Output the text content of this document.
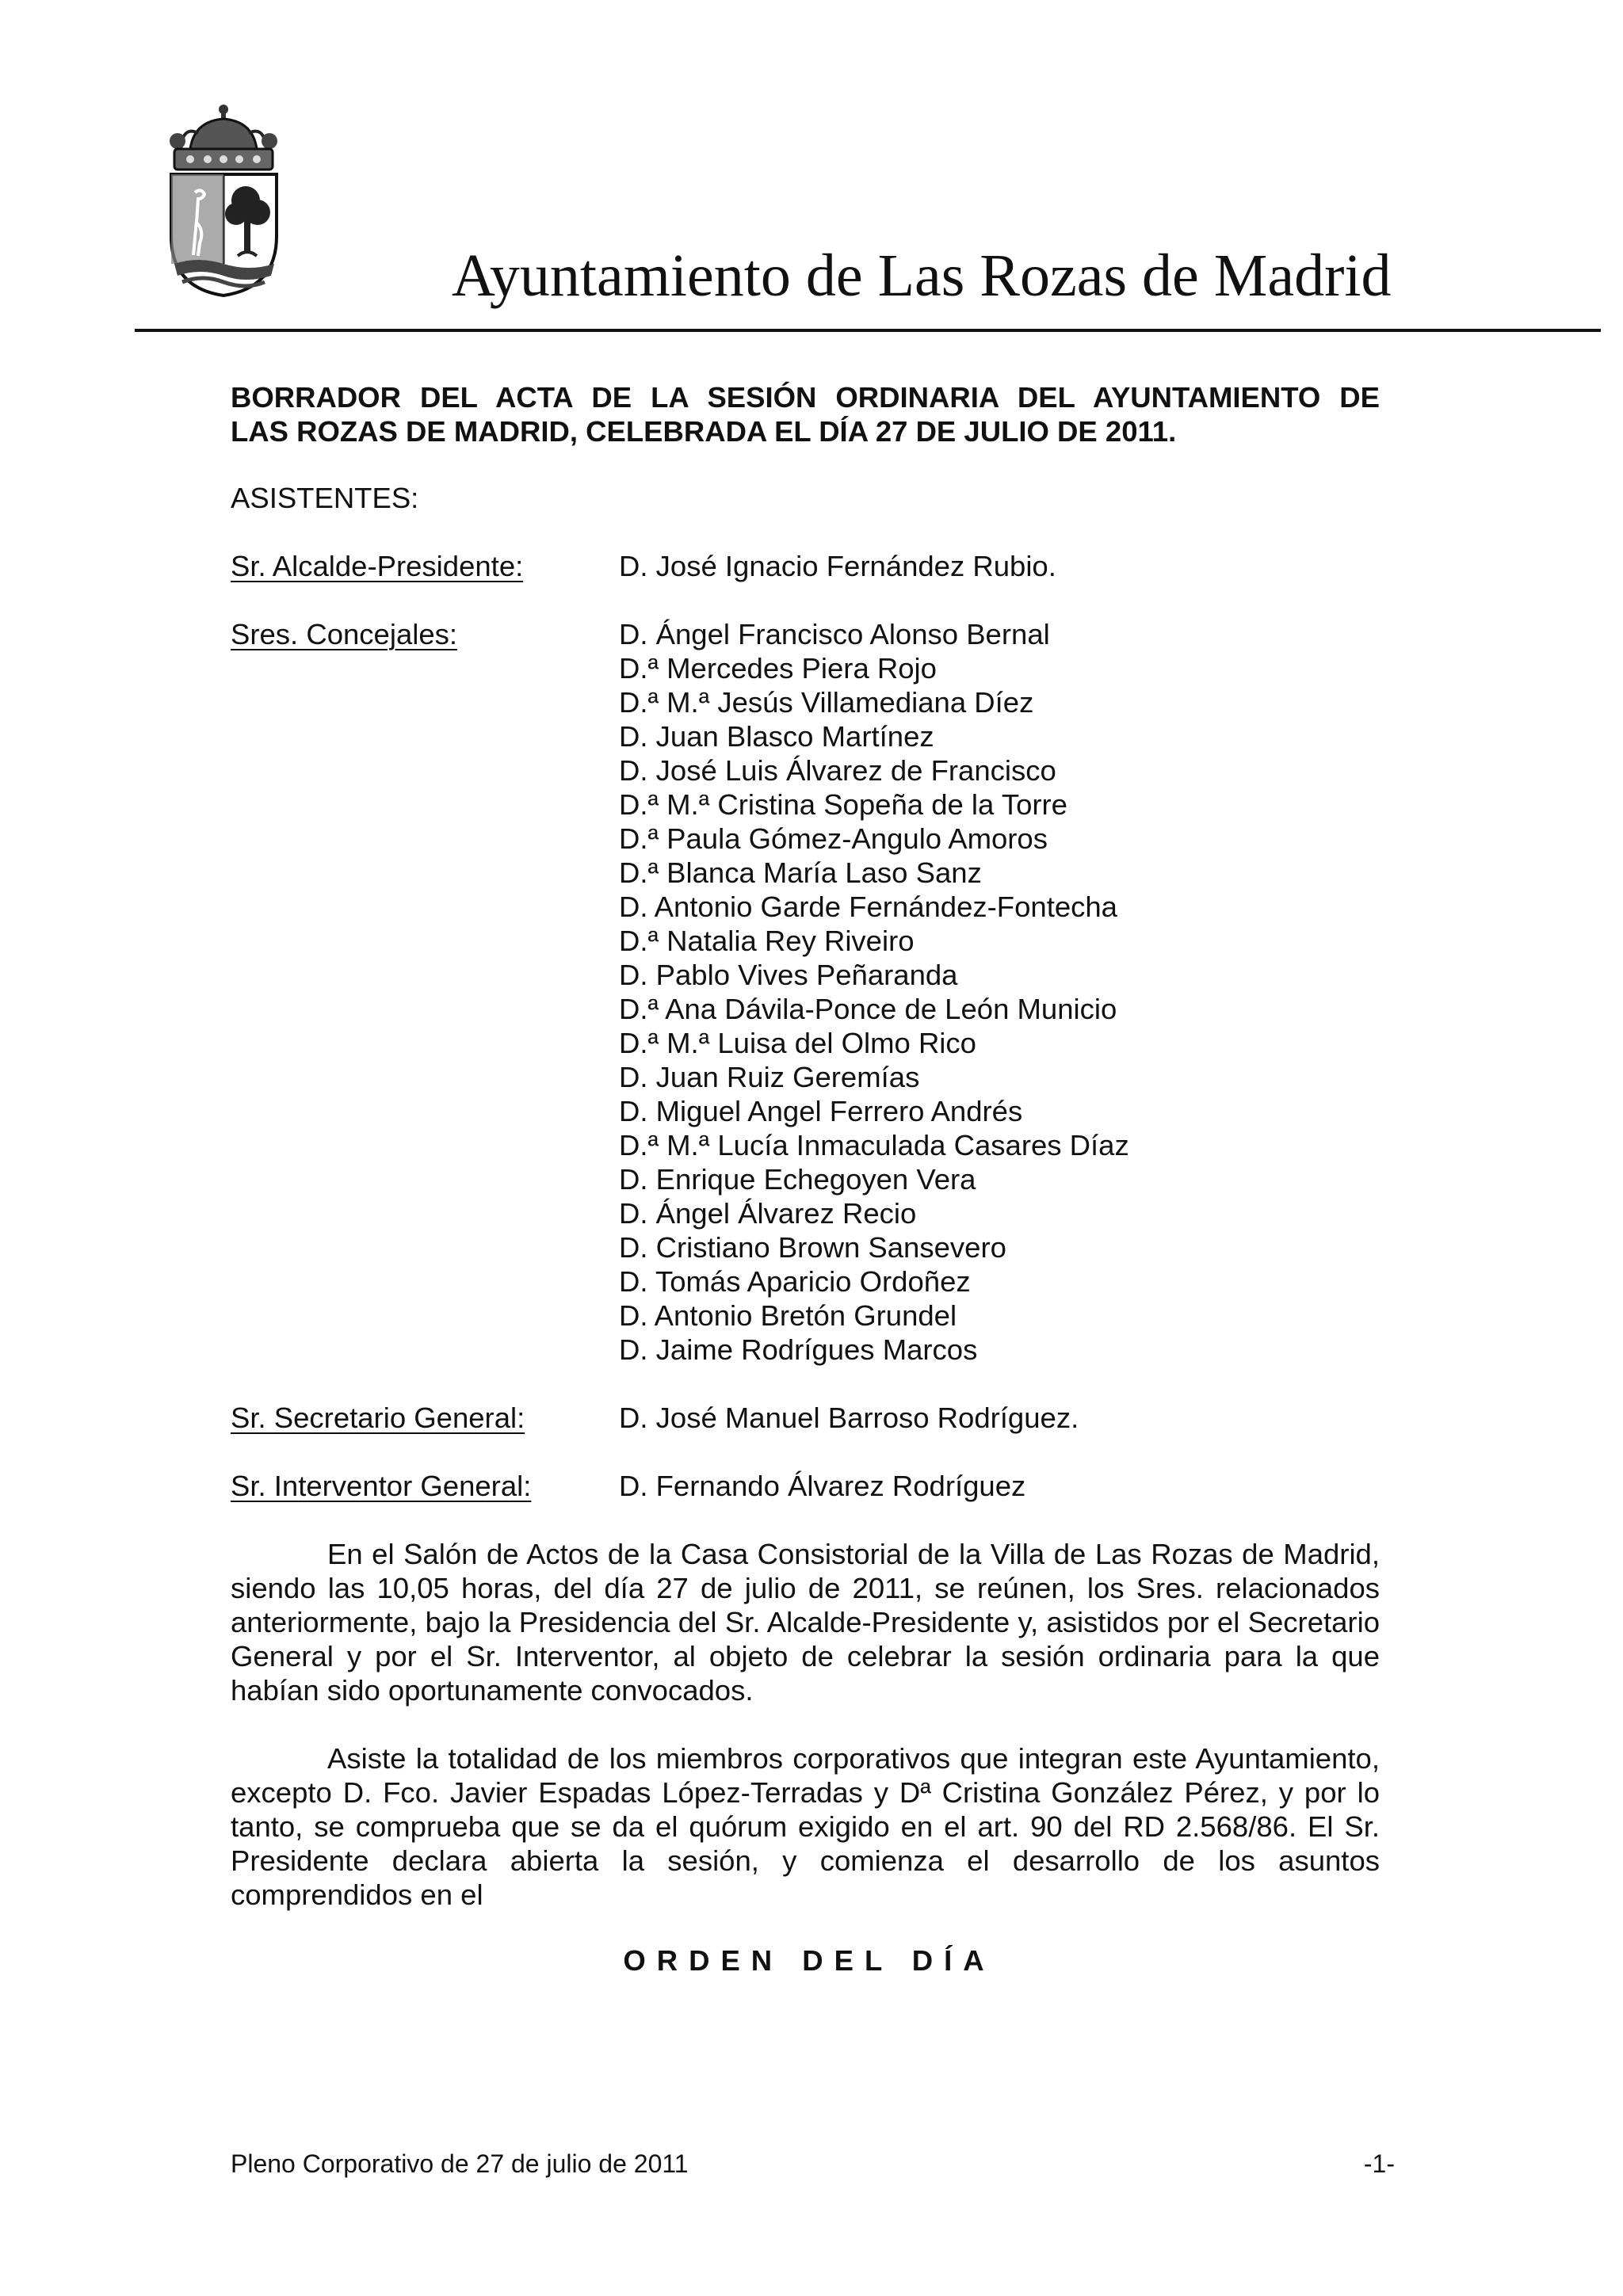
Ayuntamiento de Las Rozas de Madrid
BORRADOR DEL ACTA DE LA SESIÓN ORDINARIA DEL AYUNTAMIENTO DE
LAS ROZAS DE MADRID, CELEBRADA EL DÍA 27 DE JULIO DE 2011.

ASISTENTES:

Sr. Alcalde-Presidente:	D. José Ignacio Fernández Rubio.
Sres. Concejales:	D. Ángel Francisco Alonso Bernal
D.ª Mercedes Piera Rojo
D.ª M.ª Jesús Villamediana Díez
D. Juan Blasco Martínez
D. José Luis Álvarez de Francisco
D.ª M.ª Cristina Sopeña de la Torre
D.ª Paula Gómez-Angulo Amoros
D.ª Blanca María Laso Sanz
D. Antonio Garde Fernández-Fontecha
D.ª Natalia Rey Riveiro
D. Pablo Vives Peñaranda
D.ª Ana Dávila-Ponce de León Municio
D.ª M.ª Luisa del Olmo Rico
D. Juan Ruiz Geremías
D. Miguel Angel Ferrero Andrés
D.ª M.ª Lucía Inmaculada Casares Díaz
D. Enrique Echegoyen Vera
D. Ángel Álvarez Recio
D. Cristiano Brown Sansevero
D. Tomás Aparicio Ordoñez
D. Antonio Bretón Grundel
D. Jaime Rodrígues Marcos
Sr. Secretario General:	D. José Manuel Barroso Rodríguez.
Sr. Interventor General:	D. Fernando Álvarez Rodríguez

En el Salón de Actos de la Casa Consistorial de la Villa de Las Rozas de Madrid, siendo las 10,05 horas, del día 27 de julio de 2011, se reúnen, los Sres. relacionados anteriormente, bajo la Presidencia del Sr. Alcalde-Presidente y, asistidos por el Secretario General y por el Sr. Interventor, al objeto de celebrar la sesión ordinaria para la que habían sido oportunamente convocados.

Asiste la totalidad de los miembros corporativos que integran este Ayuntamiento, excepto D. Fco. Javier Espadas López-Terradas y Dª Cristina González Pérez, y por lo tanto, se comprueba que se da el quórum exigido en el art. 90 del RD 2.568/86. El Sr. Presidente declara abierta la sesión, y comienza el desarrollo de los asuntos comprendidos en el

ORDEN DEL DÍA

Pleno Corporativo de 27 de julio de 2011	-1-
